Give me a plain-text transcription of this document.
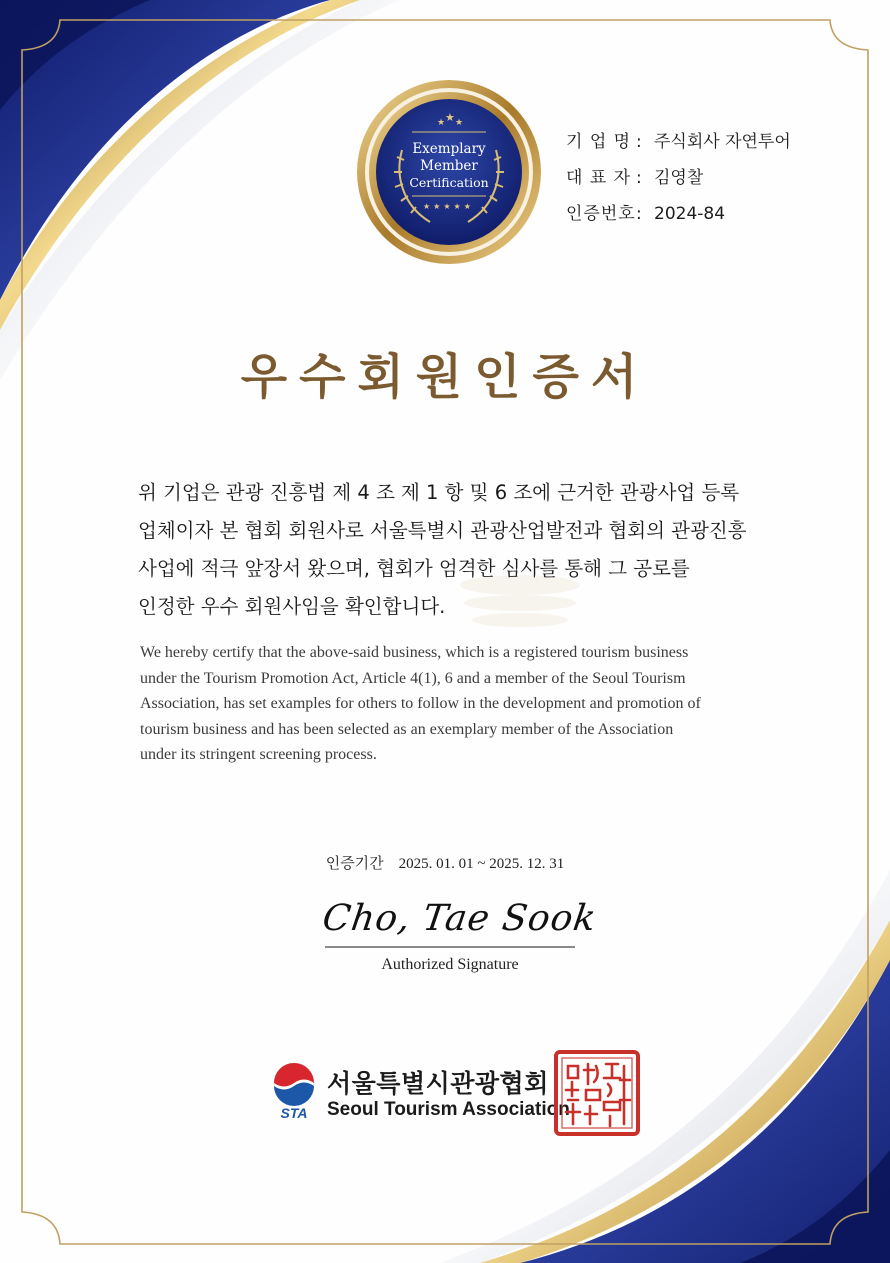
★ ★ ★
★★★★★
Exemplary
Member
Certification
기 업 명 : 주식회사 자연투어
대 표 자 : 김영찰
인증번호 : 2024-84
우수회원인증서
위 기업은 관광 진흥법 제 4 조 제 1 항 및 6 조에 근거한 관광사업 등록
업체이자 본 협회 회원사로 서울특별시 관광산업발전과 협회의 관광진흥
사업에 적극 앞장서 왔으며, 협회가 엄격한 심사를 통해 그 공로를
인정한 우수 회원사임을 확인합니다.
We hereby certify that the above-said business, which is a registered tourism business
under the Tourism Promotion Act, Article 4(1), 6 and a member of the Seoul Tourism
Association, has set examples for others to follow in the development and promotion of
tourism business and has been selected as an exemplary member of the Association
under its stringent screening process.
인증기간 2025. 01. 01 ~ 2025. 12. 31
Cho, Tae Sook
Authorized Signature
STA
서울특별시관광협회
Seoul Tourism Association
